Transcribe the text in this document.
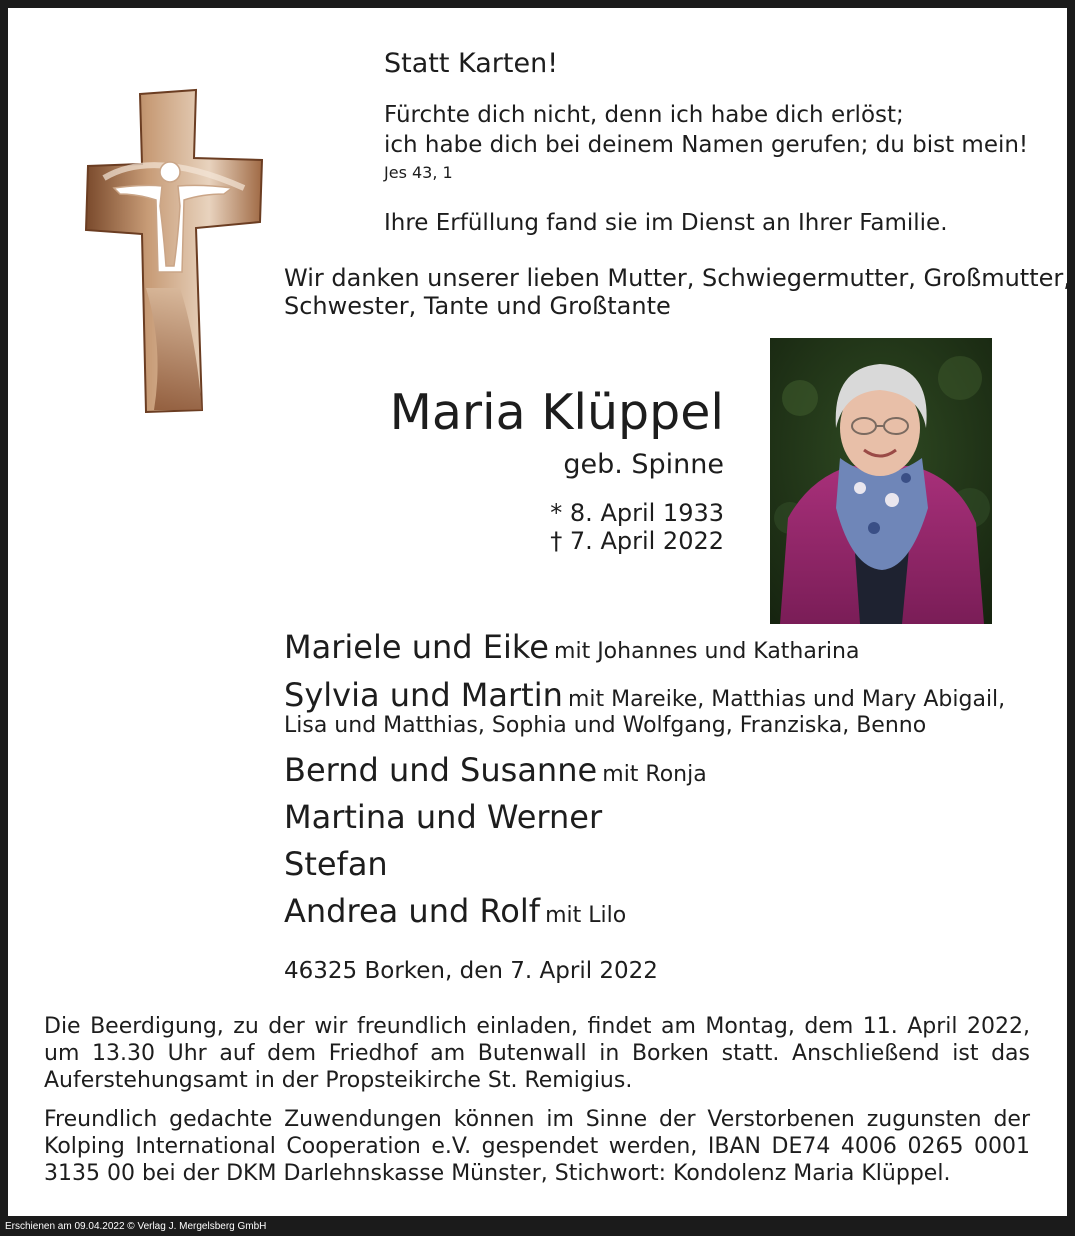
Statt Karten!
Fürchte dich nicht, denn ich habe dich erlöst;
ich habe dich bei deinem Namen gerufen; du bist mein!
Jes 43, 1
Ihre Erfüllung fand sie im Dienst an Ihrer Familie.
Wir danken unserer lieben Mutter, Schwiegermutter, Großmutter,
Schwester, Tante und Großtante
Maria Klüppel
geb. Spinne
* 8. April 1933
† 7. April 2022
Mariele und Eike mit Johannes und Katharina
Sylvia und Martin mit Mareike, Matthias und Mary Abigail,
Lisa und Matthias, Sophia und Wolfgang, Franziska, Benno
Bernd und Susanne mit Ronja
Martina und Werner
Stefan
Andrea und Rolf mit Lilo
46325 Borken, den 7. April 2022
Die Beerdigung, zu der wir freundlich einladen, findet am Montag, dem 11. April 2022,
um 13.30 Uhr auf dem Friedhof am Butenwall in Borken statt. Anschließend ist das
Auferstehungsamt in der Propsteikirche St. Remigius.
Freundlich gedachte Zuwendungen können im Sinne der Verstorbenen zugunsten der
Kolping International Cooperation e.V. gespendet werden, IBAN DE74 4006 0265 0001
3135 00 bei der DKM Darlehnskasse Münster, Stichwort: Kondolenz Maria Klüppel.
Erschienen am 09.04.2022 © Verlag J. Mergelsberg GmbH
